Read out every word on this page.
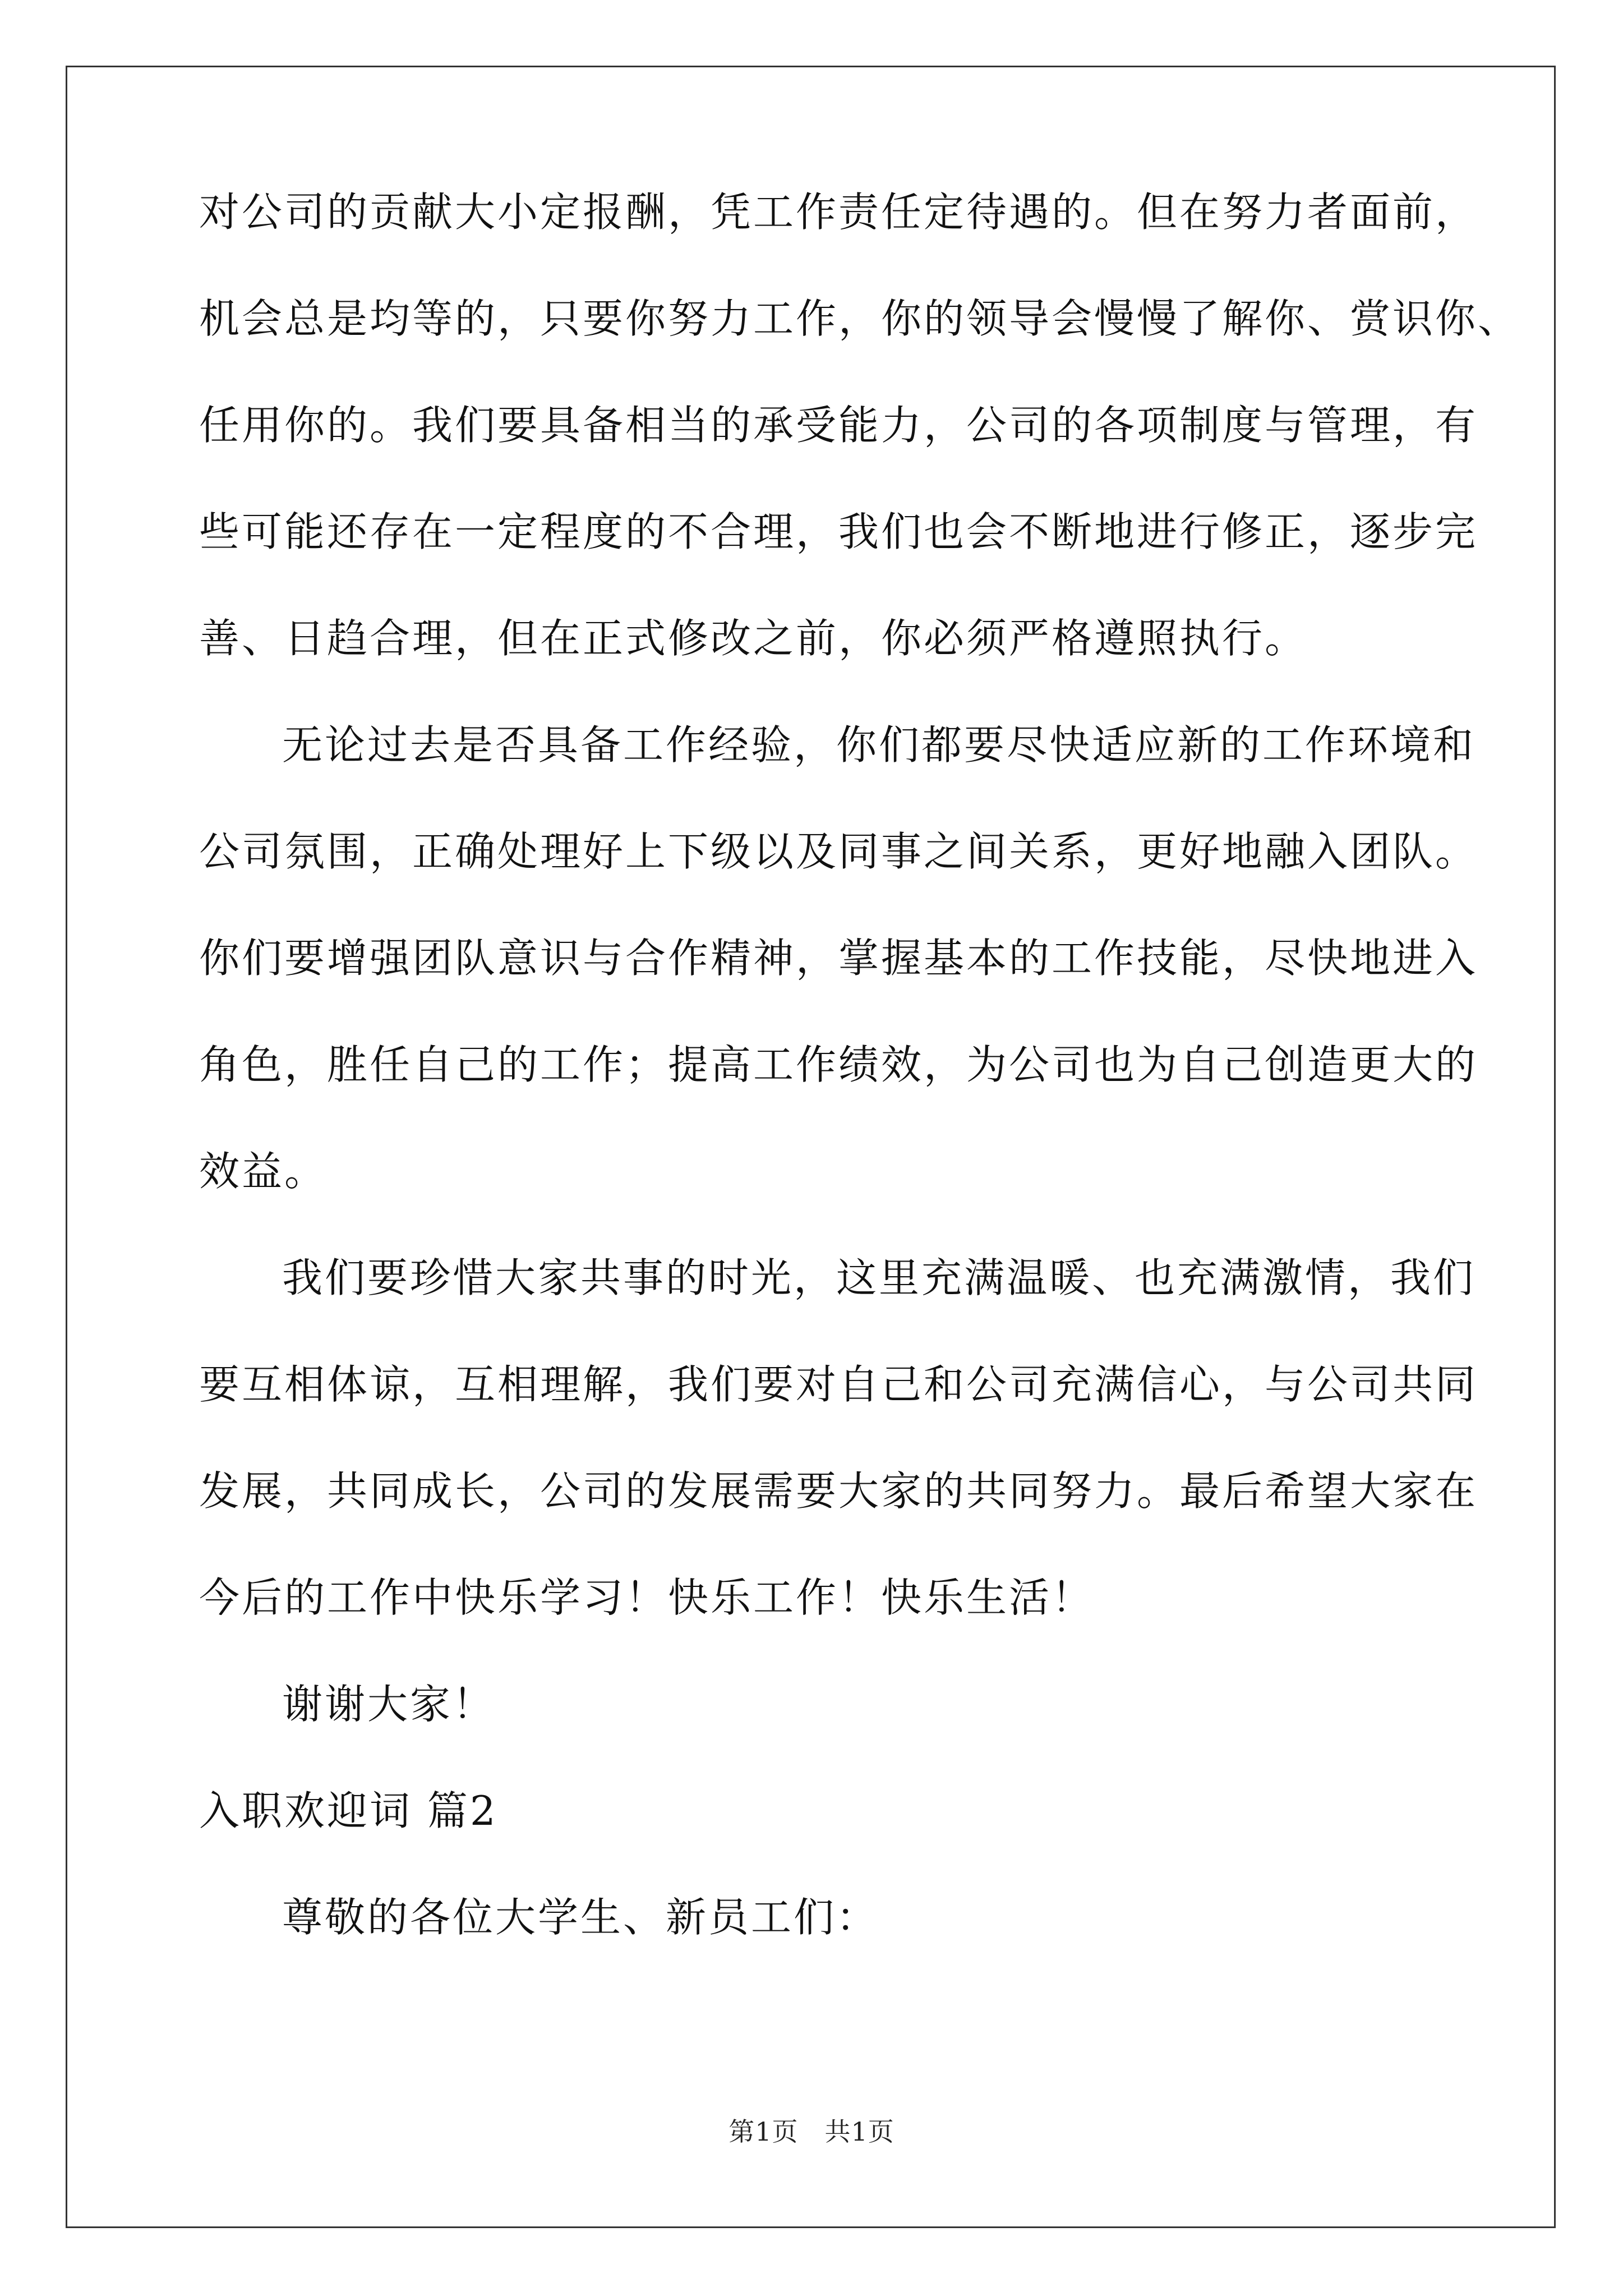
对公司的贡献大小定报酬，凭工作责任定待遇的。但在努力者面前，
机会总是均等的，只要你努力工作，你的领导会慢慢了解你、赏识你、
任用你的。我们要具备相当的承受能力，公司的各项制度与管理，有
些可能还存在一定程度的不合理，我们也会不断地进行修正，逐步完
善、日趋合理，但在正式修改之前，你必须严格遵照执行。
无论过去是否具备工作经验，你们都要尽快适应新的工作环境和
公司氛围，正确处理好上下级以及同事之间关系，更好地融入团队。
你们要增强团队意识与合作精神，掌握基本的工作技能，尽快地进入
角色，胜任自己的工作；提高工作绩效，为公司也为自己创造更大的
效益。
我们要珍惜大家共事的时光，这里充满温暖、也充满激情，我们
要互相体谅，互相理解，我们要对自己和公司充满信心，与公司共同
发展，共同成长，公司的发展需要大家的共同努力。最后希望大家在
今后的工作中快乐学习！快乐工作！快乐生活！
谢谢大家！
入职欢迎词 篇2
尊敬的各位大学生、新员工们：
第1页　共1页
